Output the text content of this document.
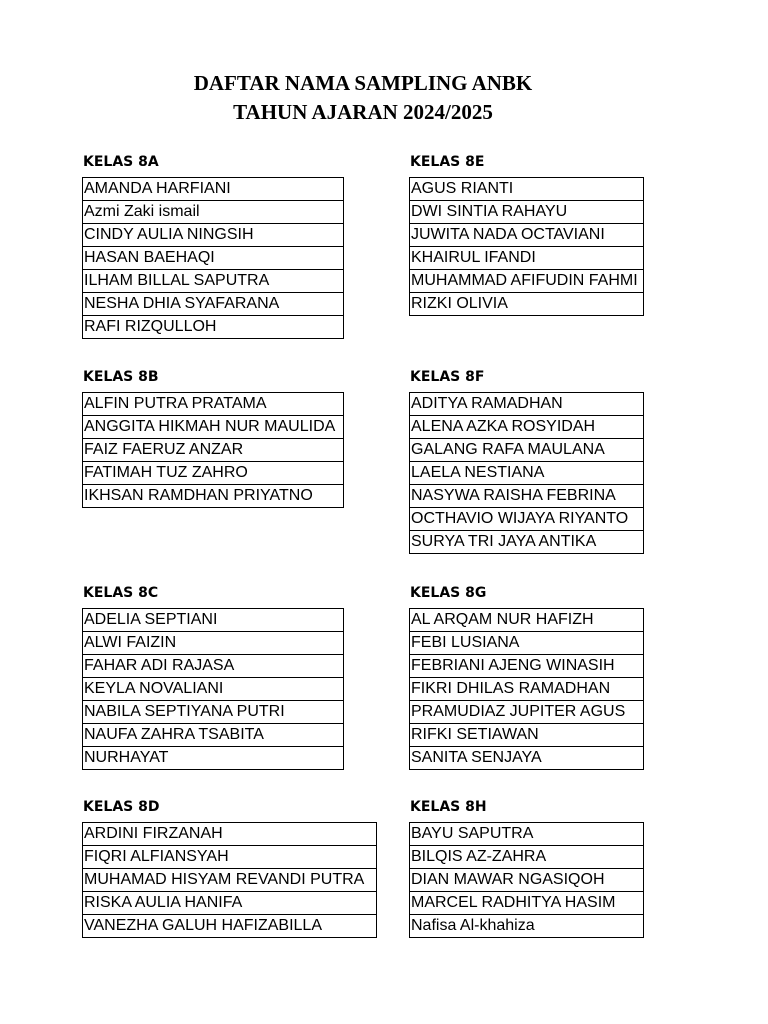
DAFTAR NAMA SAMPLING ANBK
TAHUN AJARAN 2024/2025
KELAS 8A
AMANDA HARFIANI
Azmi Zaki ismail
CINDY AULIA NINGSIH
HASAN BAEHAQI
ILHAM BILLAL SAPUTRA
NESHA DHIA SYAFARANA
RAFI RIZQULLOH
KELAS 8E
AGUS RIANTI
DWI SINTIA RAHAYU
JUWITA NADA OCTAVIANI
KHAIRUL IFANDI
MUHAMMAD AFIFUDIN FAHMI
RIZKI OLIVIA
KELAS 8B
ALFIN PUTRA PRATAMA
ANGGITA HIKMAH NUR MAULIDA
FAIZ FAERUZ ANZAR
FATIMAH TUZ ZAHRO
IKHSAN RAMDHAN PRIYATNO
KELAS 8F
ADITYA RAMADHAN
ALENA AZKA ROSYIDAH
GALANG RAFA MAULANA
LAELA NESTIANA
NASYWA RAISHA FEBRINA
OCTHAVIO WIJAYA RIYANTO
SURYA TRI JAYA ANTIKA
KELAS 8C
ADELIA SEPTIANI
ALWI FAIZIN
FAHAR ADI RAJASA
KEYLA NOVALIANI
NABILA SEPTIYANA PUTRI
NAUFA ZAHRA TSABITA
NURHAYAT
KELAS 8G
AL ARQAM NUR HAFIZH
FEBI LUSIANA
FEBRIANI AJENG WINASIH
FIKRI DHILAS RAMADHAN
PRAMUDIAZ JUPITER AGUS
RIFKI SETIAWAN
SANITA SENJAYA
KELAS 8D
ARDINI FIRZANAH
FIQRI ALFIANSYAH
MUHAMAD HISYAM REVANDI PUTRA
RISKA AULIA HANIFA
VANEZHA GALUH HAFIZABILLA
KELAS 8H
BAYU SAPUTRA
BILQIS AZ-ZAHRA
DIAN MAWAR NGASIQOH
MARCEL RADHITYA HASIM
Nafisa Al-khahiza
